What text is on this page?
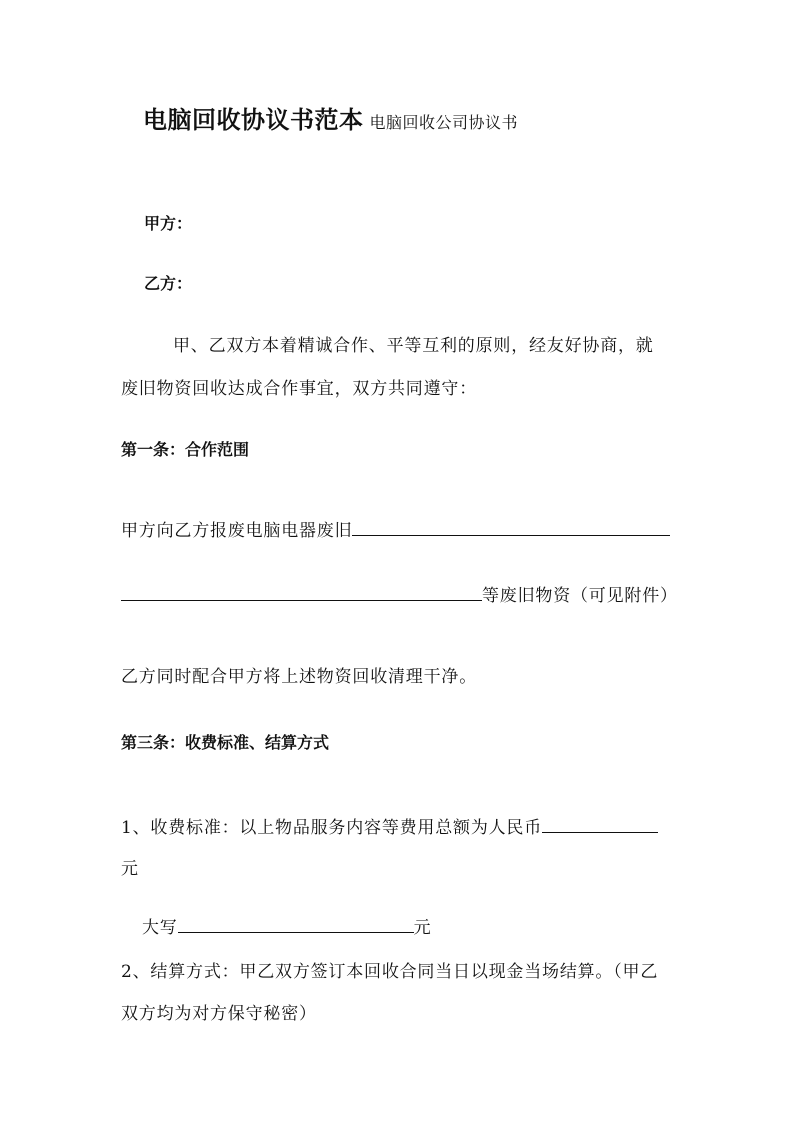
电脑回收协议书范本 电脑回收公司协议书
甲方：
乙方：
甲、乙双方本着精诚合作、平等互利的原则，经友好协商，就
废旧物资回收达成合作事宜，双方共同遵守：
第一条：合作范围
甲方向乙方报废电脑电器废旧
等废旧物资（可见附件）
乙方同时配合甲方将上述物资回收清理干净。
第三条：收费标准、结算方式
1、收费标准：以上物品服务内容等费用总额为人民币
元
大写	元
2、结算方式：甲乙双方签订本回收合同当日以现金当场结算。（甲乙
双方均为对方保守秘密）
